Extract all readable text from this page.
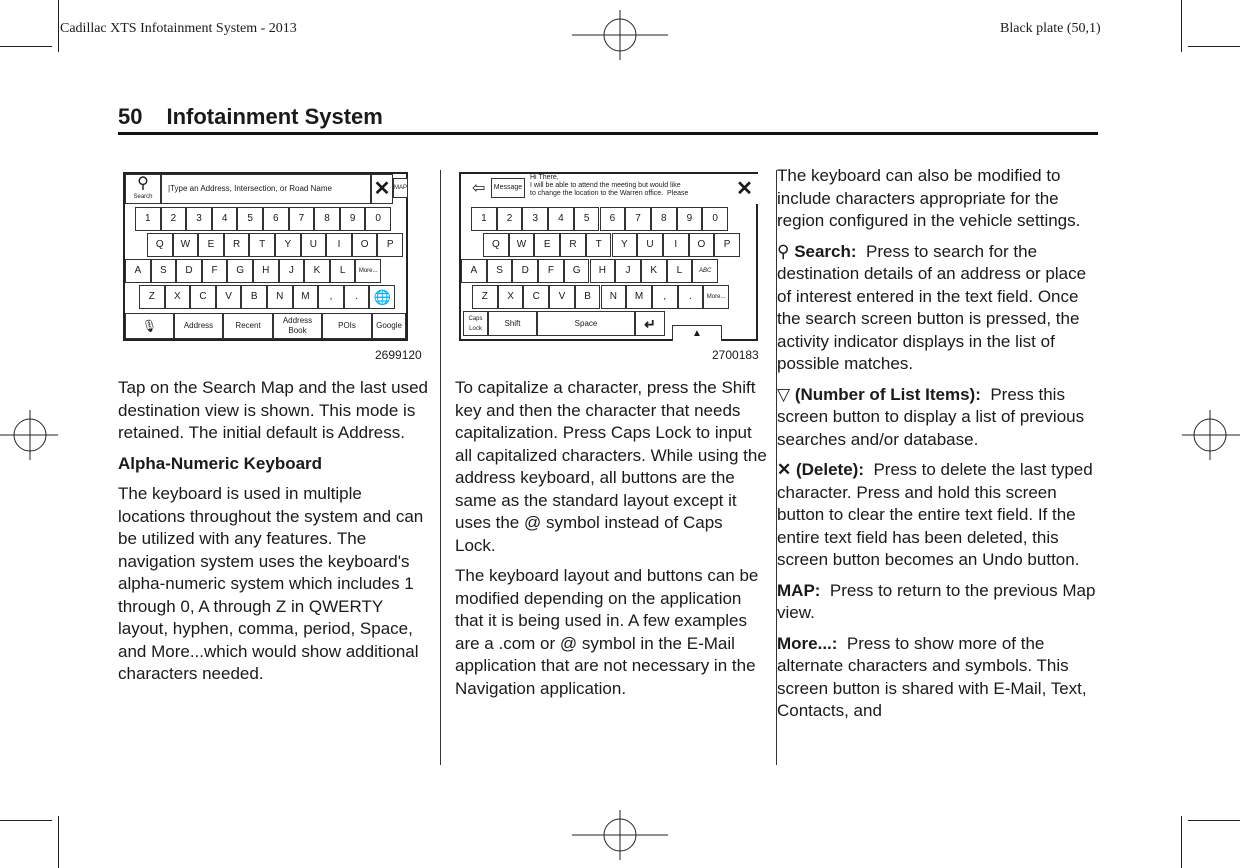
Cadillac XTS Infotainment System - 2013	Black plate (50,1)
50 Infotainment System
⚲
Search
|Type an Address, Intersection, or Road Name	✕ MAP
1	2	3	4	5	6	7	8	9	0
Q	W	E	R	T	Y	U	I	O	P
A	S	D	F	G	H	J	K	L	More...
Z	X	C	V	B	N	M	,	.	🌐
🎙	Address	Recent
Address Book
POIs	Google
2699120
⇦	Message
Hi There,
I will be able to attend the meeting but would like
to change the location to the Warren office.  Please	✕
1	2	3	4	5	6	7	8	9	0
Q	W	E	R	T	Y	U	I	O	P
A	S	D	F	G	H	J	K	L	ABC
Z	X	C	V	B	N	M	,	.	More...
Caps Lock
Shift	Space	↵
▲
2700183

Tap on the Search Map and the last used destination view is shown. This mode is retained. The initial default is Address.

Alpha-Numeric Keyboard

The keyboard is used in multiple locations throughout the system and can be utilized with any features. The navigation system uses the keyboard's alpha-numeric system which includes 1 through 0, A through Z in QWERTY layout, hyphen, comma, period, Space, and More...which would show additional characters needed.

To capitalize a character, press the Shift key and then the character that needs capitalization. Press Caps Lock to input all capitalized characters. While using the address keyboard, all buttons are the same as the standard layout except it uses the @ symbol instead of Caps Lock.

The keyboard layout and buttons can be modified depending on the application that it is being used in. A few examples are a .com or @ symbol in the E-Mail application that are not necessary in the Navigation application.

The keyboard can also be modified to include characters appropriate for the region configured in the vehicle settings.

⚲ Search: Press to search for the destination details of an address or place of interest entered in the text field. Once the search screen button is pressed, the activity indicator displays in the list of possible matches.

▽ (Number of List Items): Press this screen button to display a list of previous searches and/or database.

✕ (Delete): Press to delete the last typed character. Press and hold this screen button to clear the entire text field. If the entire text field has been deleted, this screen button becomes an Undo button.

MAP: Press to return to the previous Map view.

More...: Press to show more of the alternate characters and symbols. This screen button is shared with E-Mail, Text, Contacts, and
